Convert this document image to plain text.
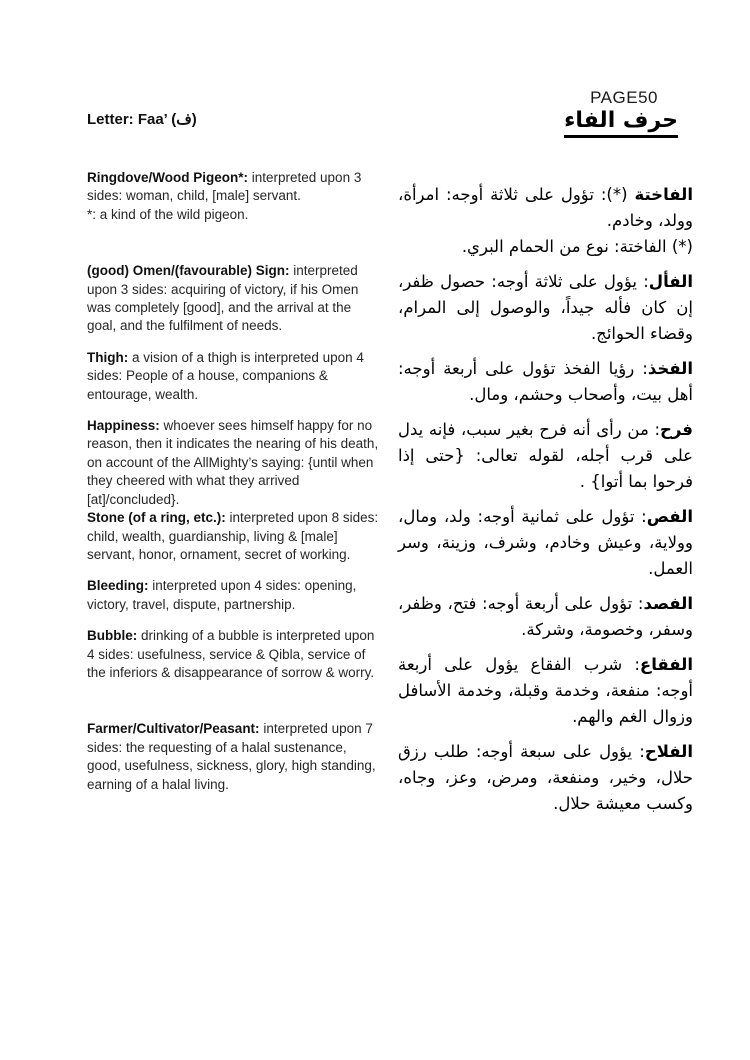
PAGE50
حرف الفاء
Letter: Faa’ (ف)
Ringdove/Wood Pigeon*: interpreted upon 3 sides: woman, child, [male] servant.
*: a kind of the wild pigeon.
(good) Omen/(favourable) Sign: interpreted upon 3 sides: acquiring of victory, if his Omen was completely [good], and the arrival at the goal, and the fulfilment of needs.
Thigh: a vision of a thigh is interpreted upon 4 sides: People of a house, companions & entourage, wealth.
Happiness: whoever sees himself happy for no reason, then it indicates the nearing of his death, on account of the AllMighty’s saying: {until when they cheered with what they arrived [at]/concluded}.
Stone (of a ring, etc.): interpreted upon 8 sides: child, wealth, guardianship, living & [male] servant, honor, ornament, secret of working.
Bleeding: interpreted upon 4 sides: opening, victory, travel, dispute, partnership.
Bubble: drinking of a bubble is interpreted upon 4 sides: usefulness, service & Qibla, service of the inferiors & disappearance of sorrow & worry.
Farmer/Cultivator/Peasant: interpreted upon 7 sides: the requesting of a halal sustenance, good, usefulness, sickness, glory, high standing, earning of a halal living.
الفاختة (*): تؤول على ثلاثة أوجه: امرأة، وولد، وخادم.
(*) الفاختة: نوع من الحمام البري.
الفأل: يؤول على ثلاثة أوجه: حصول ظفر، إن كان فأله جيداً، والوصول إلى المرام، وقضاء الحوائج.
الفخذ: رؤيا الفخذ تؤول على أربعة أوجه: أهل بيت، وأصحاب وحشم، ومال.
فرح: من رأى أنه فرح بغير سبب، فإنه يدل على قرب أجله، لقوله تعالى: {حتى إذا فرحوا بما أتوا} .
الفص: تؤول على ثمانية أوجه: ولد، ومال، وولاية، وعيش وخادم، وشرف، وزينة، وسر العمل.
الفصد: تؤول على أربعة أوجه: فتح، وظفر، وسفر، وخصومة، وشركة.
الفقاع: شرب الفقاع يؤول على أربعة أوجه: منفعة، وخدمة وقبلة، وخدمة الأسافل وزوال الغم والهم.
الفلاح: يؤول على سبعة أوجه: طلب رزق حلال، وخير، ومنفعة، ومرض، وعز، وجاه، وكسب معيشة حلال.
